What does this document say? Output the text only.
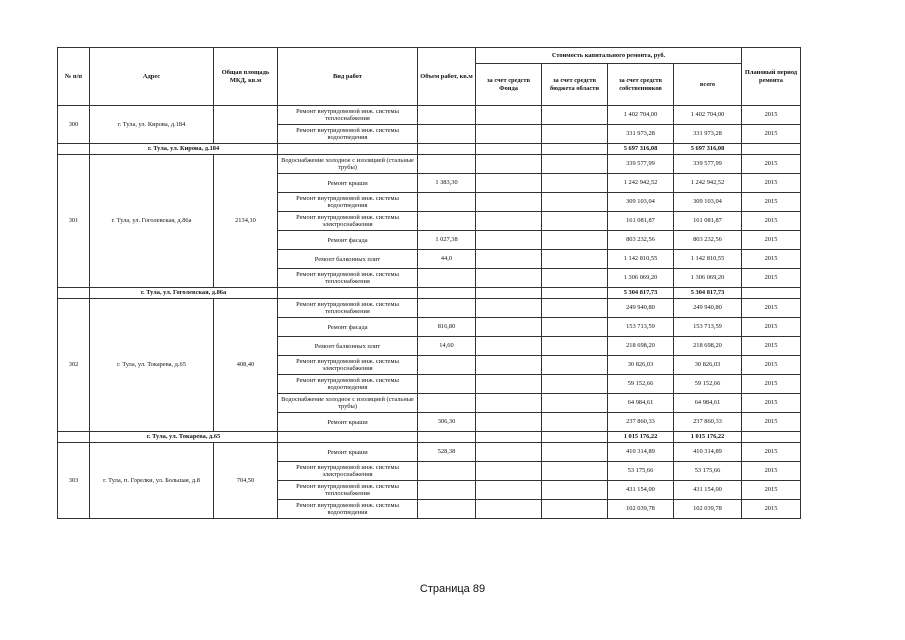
№ п/п	Адрес	Общая площадь МКД, кв.м	Вид работ	Объем работ, кв.м	Стоимость капитального ремонта, руб.				Плановый период ремонта
					за счет средств Фонда	за счет средств бюджета области	за счет средств собственников	всего	
300	г. Тула, ул. Кирова, д.184		Ремонт внутридомовой инж. системы теплоснабжения				1 402 704,00	1 402 704,00	2015
			Ремонт внутридомовой инж. системы водоотведения				331 973,28	331 973,28	2015
	г. Тула, ул. Кирова, д.184						5 697 316,08	5 697 316,08	
301	г. Тула, ул. Гоголевская, д.86а	2134,10	Водоснабжение холодное с изоляцией (стальные трубы)				339 577,99	339 577,99	2015
			Ремонт крыши	1 383,30			1 242 942,52	1 242 942,52	2015
			Ремонт внутридомовой инж. системы водоотведения				309 103,04	309 103,04	2015
			Ремонт внутридомовой инж. системы электроснабжения				161 081,87	161 081,87	2015
			Ремонт фасада	1 027,38			803 232,56	803 232,56	2015
			Ремонт балконных плит	44,0			1 142 810,55	1 142 810,55	2015
			Ремонт внутридомовой инж. системы теплоснабжения				1 306 069,20	1 306 069,20	2015
	г. Тула, ул. Гоголевская, д.86а						5 304 817,73	5 304 817,73	
302	г. Тула, ул. Токарева, д.65	408,40	Ремонт внутридомовой инж. системы теплоснабжения				249 940,80	249 940,80	2015
			Ремонт фасада	816,80			153 713,59	153 713,59	2015
			Ремонт балконных плит	14,60			218 698,20	218 698,20	2015
			Ремонт внутридомовой инж. системы электроснабжения				30 826,03	30 826,03	2015
			Ремонт внутридомовой инж. системы водоотведения				59 152,66	59 152,66	2015
			Водоснабжение холодное с изоляцией (стальные трубы)				64 984,61	64 984,61	2015
			Ремонт крыши	306,30			237 860,33	237 860,33	2015
	г. Тула, ул. Токарева, д.65						1 015 176,22	1 015 176,22	
303	г. Тула, п. Горелки, ул. Большая, д.8	704,50	Ремонт крыши	528,38			410 314,89	410 314,89	2015
			Ремонт внутридомовой инж. системы электроснабжения				53 175,66	53 175,66	2015
			Ремонт внутридомовой инж. системы теплоснабжения				431 154,00	431 154,00	2015
			Ремонт внутридомовой инж. системы водоотведения				102 039,78	102 039,78	2015
Страница 89
